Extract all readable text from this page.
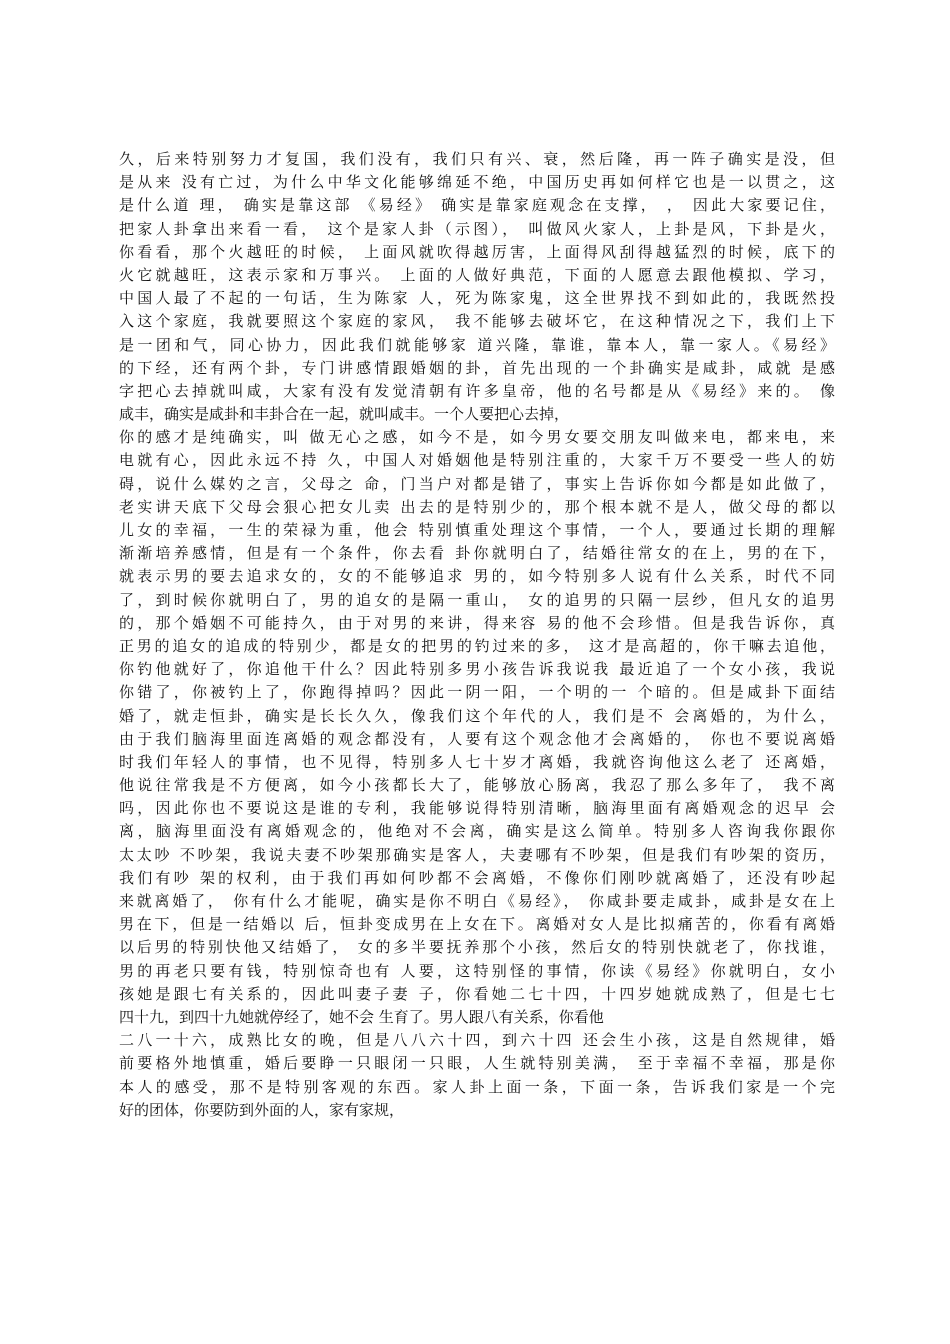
久，后来特别努力才复国，我们没有，我们只有兴、衰，然后隆，再一阵子确实是没，但
是从来 没有亡过，为什么中华文化能够绵延不绝，中国历史再如何样它也是一以贯之，这
是什么道 理， 确实是靠这部 《易经》 确实是靠家庭观念在支撑， ， 因此大家要记住，
把家人卦拿出来看一看， 这个是家人卦（示图）， 叫做风火家人，上卦是风，下卦是火，
你看看，那个火越旺的时候， 上面风就吹得越厉害，上面得风刮得越猛烈的时候，底下的
火它就越旺，这表示家和万事兴。 上面的人做好典范，下面的人愿意去跟他模拟、学习，
中国人最了不起的一句话，生为陈家 人，死为陈家鬼，这全世界找不到如此的，我既然投
入这个家庭，我就要照这个家庭的家风， 我不能够去破坏它，在这种情况之下，我们上下
是一团和气，同心协力，因此我们就能够家 道兴隆，靠谁，靠本人，靠一家人。《易经》
的下经，还有两个卦，专门讲感情跟婚姻的卦，首先出现的一个卦确实是咸卦，咸就 是感
字把心去掉就叫咸，大家有没有发觉清朝有许多皇帝，他的名号都是从《易经》来的。 像
咸丰，确实是咸卦和丰卦合在一起，就叫咸丰。一个人要把心去掉，
你的感才是纯确实，叫 做无心之感，如今不是，如今男女要交朋友叫做来电，都来电，来
电就有心，因此永远不持 久，中国人对婚姻他是特别注重的，大家千万不要受一些人的妨
碍，说什么媒妁之言，父母之 命，门当户对都是错了，事实上告诉你如今都是如此做了，
老实讲天底下父母会狠心把女儿卖 出去的是特别少的，那个根本就不是人，做父母的都以
儿女的幸福，一生的荣禄为重，他会 特别慎重处理这个事情，一个人，要通过长期的理解
渐渐培养感情，但是有一个条件，你去看 卦你就明白了，结婚往常女的在上，男的在下，
就表示男的要去追求女的，女的不能够追求 男的，如今特别多人说有什么关系，时代不同
了，到时候你就明白了，男的追女的是隔一重山， 女的追男的只隔一层纱，但凡女的追男
的，那个婚姻不可能持久，由于对男的来讲，得来容 易的他不会珍惜。但是我告诉你，真
正男的追女的追成的特别少，都是女的把男的钓过来的多， 这才是高超的，你干嘛去追他，
你钓他就好了，你追他干什么？因此特别多男小孩告诉我说我 最近追了一个女小孩，我说
你错了，你被钓上了，你跑得掉吗？因此一阴一阳，一个明的一 个暗的。但是咸卦下面结
婚了，就走恒卦，确实是长长久久，像我们这个年代的人，我们是不 会离婚的，为什么，
由于我们脑海里面连离婚的观念都没有，人要有这个观念他才会离婚的， 你也不要说离婚
时我们年轻人的事情，也不见得，特别多人七十岁才离婚，我就咨询他这么老了 还离婚，
他说往常我是不方便离，如今小孩都长大了，能够放心肠离，我忍了那么多年了， 我不离
吗，因此你也不要说这是谁的专利，我能够说得特别清晰，脑海里面有离婚观念的迟早 会
离，脑海里面没有离婚观念的，他绝对不会离，确实是这么简单。特别多人咨询我你跟你
太太吵 不吵架，我说夫妻不吵架那确实是客人，夫妻哪有不吵架，但是我们有吵架的资历，
我们有吵 架的权利，由于我们再如何吵都不会离婚，不像你们刚吵就离婚了，还没有吵起
来就离婚了， 你有什么才能呢，确实是你不明白《易经》， 你咸卦要走咸卦，咸卦是女在上
男在下，但是一结婚以 后，恒卦变成男在上女在下。离婚对女人是比拟痛苦的，你看有离婚
以后男的特别快他又结婚了， 女的多半要抚养那个小孩，然后女的特别快就老了，你找谁，
男的再老只要有钱，特别惊奇也有 人要，这特别怪的事情，你读《易经》你就明白，女小
孩她是跟七有关系的，因此叫妻子妻 子，你看她二七十四，十四岁她就成熟了，但是七七
四十九，到四十九她就停经了，她不会 生育了。男人跟八有关系，你看他
二八一十六，成熟比女的晚，但是八八六十四，到六十四 还会生小孩，这是自然规律，婚
前要格外地慎重，婚后要睁一只眼闭一只眼，人生就特别美满， 至于幸福不幸福，那是你
本人的感受，那不是特别客观的东西。家人卦上面一条，下面一条，告诉我们家是一个完
好的团体，你要防到外面的人，家有家规，
